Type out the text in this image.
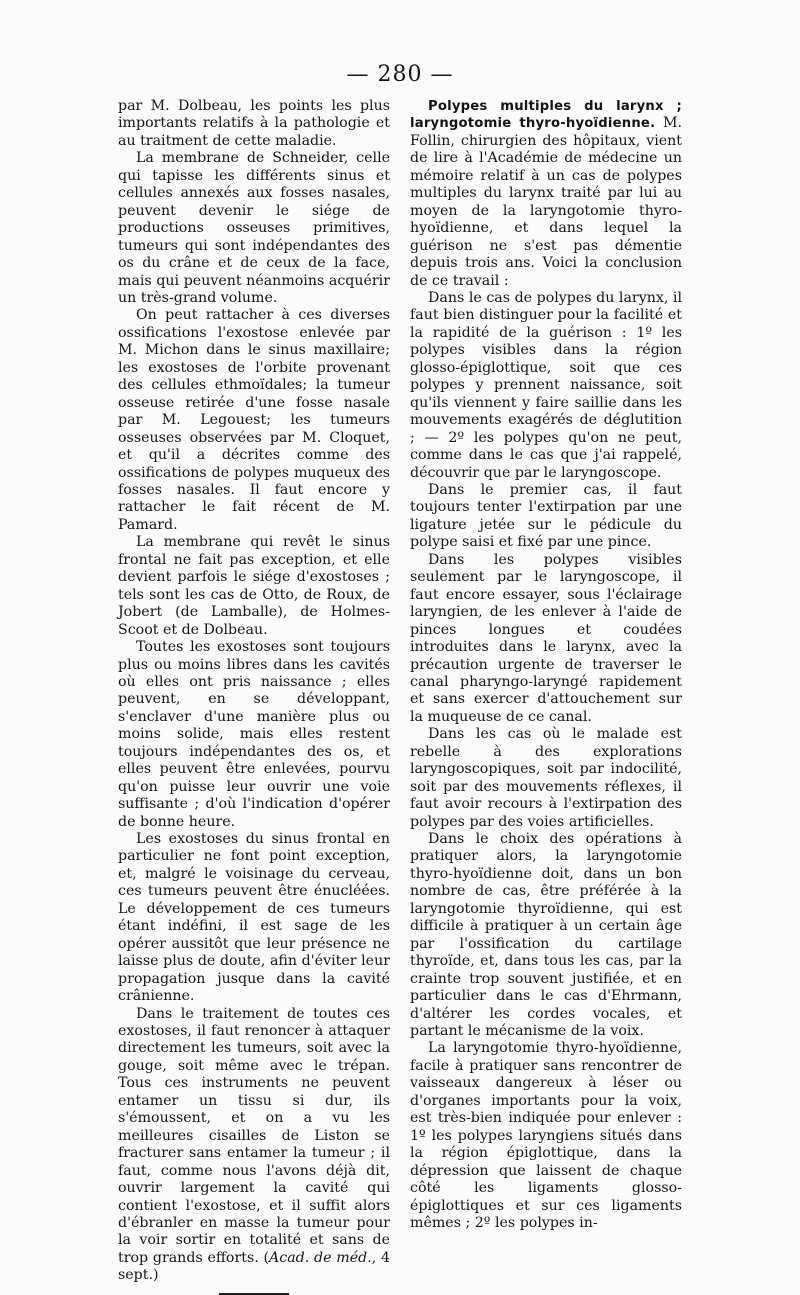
— 280 —

par M. Dolbeau, les points les plus importants relatifs à la pathologie et au traitment de cette maladie.

La membrane de Schneider, celle qui tapisse les différents sinus et cellules annexés aux fosses nasales, peuvent devenir le siége de productions osseuses primitives, tumeurs qui sont indépendantes des os du crâne et de ceux de la face, mais qui peuvent néanmoins acquérir un très-grand volume.

On peut rattacher à ces diverses ossifications l'exostose enlevée par M. Michon dans le sinus maxillaire; les exostoses de l'orbite provenant des cellules ethmoïdales; la tumeur osseuse retirée d'une fosse nasale par M. Legouest; les tumeurs osseuses observées par M. Cloquet, et qu'il a décrites comme des ossifications de polypes muqueux des fosses nasales. Il faut encore y rattacher le fait récent de M. Pamard.

La membrane qui revêt le sinus frontal ne fait pas exception, et elle devient parfois le siége d'exostoses ; tels sont les cas de Otto, de Roux, de Jobert (de Lamballe), de Holmes-Scoot et de Dolbeau.

Toutes les exostoses sont toujours plus ou moins libres dans les cavités où elles ont pris naissance ; elles peuvent, en se développant, s'enclaver d'une manière plus ou moins solide, mais elles restent toujours indépendantes des os, et elles peuvent être enlevées, pourvu qu'on puisse leur ouvrir une voie suffisante ; d'où l'indication d'opérer de bonne heure.

Les exostoses du sinus frontal en particulier ne font point exception, et, malgré le voisinage du cerveau, ces tumeurs peuvent être énucléées. Le développement de ces tumeurs étant indéfini, il est sage de les opérer aussitôt que leur présence ne laisse plus de doute, afin d'éviter leur propagation jusque dans la cavité crânienne.

Dans le traitement de toutes ces exostoses, il faut renoncer à attaquer directement les tumeurs, soit avec la gouge, soit même avec le trépan. Tous ces instruments ne peuvent entamer un tissu si dur, ils s'émoussent, et on a vu les meilleures cisailles de Liston se fracturer sans entamer la tumeur ; il faut, comme nous l'avons déjà dit, ouvrir largement la cavité qui contient l'exostose, et il suffit alors d'ébranler en masse la tumeur pour la voir sortir en totalité et sans de trop grands efforts. (Acad. de méd., 4 sept.)

Polypes multiples du larynx ; laryngotomie thyro-hyoïdienne. M. Follin, chirurgien des hôpitaux, vient de lire à l'Académie de médecine un mémoire relatif à un cas de polypes multiples du larynx traité par lui au moyen de la laryngotomie thyro-hyoïdienne, et dans lequel la guérison ne s'est pas démentie depuis trois ans. Voici la conclusion de ce travail :

Dans le cas de polypes du larynx, il faut bien distinguer pour la facilité et la rapidité de la guérison : 1º les polypes visibles dans la région glosso-épiglottique, soit que ces polypes y prennent naissance, soit qu'ils viennent y faire saillie dans les mouvements exagérés de déglutition ; — 2º les polypes qu'on ne peut, comme dans le cas que j'ai rappelé, découvrir que par le laryngoscope.

Dans le premier cas, il faut toujours tenter l'extirpation par une ligature jetée sur le pédicule du polype saisi et fixé par une pince.

Dans les polypes visibles seulement par le laryngoscope, il faut encore essayer, sous l'éclairage laryngien, de les enlever à l'aide de pinces longues et coudées introduites dans le larynx, avec la précaution urgente de traverser le canal pharyngo-laryngé rapidement et sans exercer d'attouchement sur la muqueuse de ce canal.

Dans les cas où le malade est rebelle à des explorations laryngoscopiques, soit par indocilité, soit par des mouvements réflexes, il faut avoir recours à l'extirpation des polypes par des voies artificielles.

Dans le choix des opérations à pratiquer alors, la laryngotomie thyro-hyoïdienne doit, dans un bon nombre de cas, être préférée à la laryngotomie thyroïdienne, qui est difficile à pratiquer à un certain âge par l'ossification du cartilage thyroïde, et, dans tous les cas, par la crainte trop souvent justifiée, et en particulier dans le cas d'Ehrmann, d'altérer les cordes vocales, et partant le mécanisme de la voix.

La laryngotomie thyro-hyoïdienne, facile à pratiquer sans rencontrer de vaisseaux dangereux à léser ou d'organes importants pour la voix, est très-bien indiquée pour enlever : 1º les polypes laryngiens situés dans la région épiglottique, dans la dépression que laissent de chaque côté les ligaments glosso-épiglottiques et sur ces ligaments mêmes ; 2º les polypes in-
